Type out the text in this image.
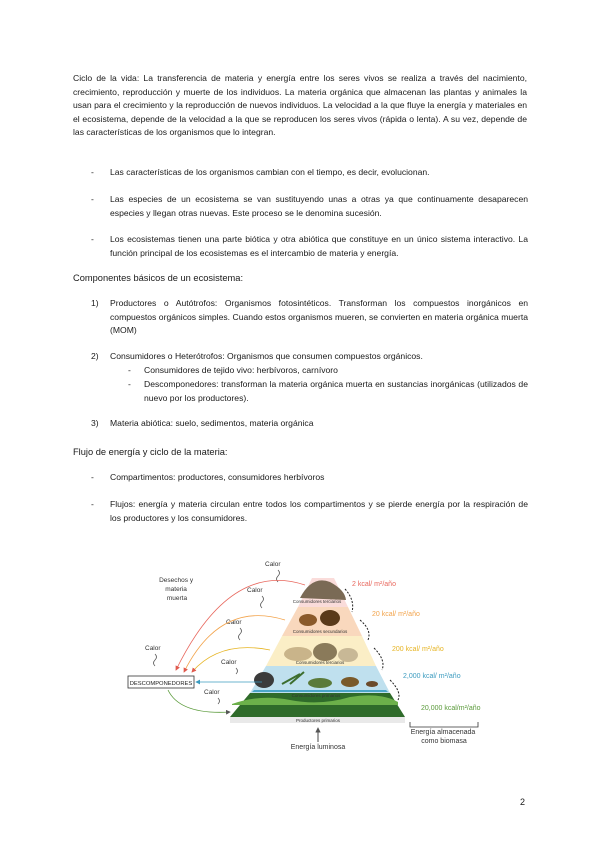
Ciclo de la vida: La transferencia de materia y energía entre los seres vivos se realiza a través del nacimiento, crecimiento, reproducción y muerte de los individuos. La materia orgánica que almacenan las plantas y animales la usan para el crecimiento y la reproducción de nuevos individuos. La velocidad a la que fluye la energía y materiales en el ecosistema, depende de la velocidad a la que se reproducen los seres vivos (rápida o lenta). A su vez, depende de las características de los organismos que lo integran.

- Las características de los organismos cambian con el tiempo, es decir, evolucionan.
- Las especies de un ecosistema se van sustituyendo unas a otras ya que continuamente desaparecen especies y llegan otras nuevas. Este proceso se le denomina sucesión.
- Los ecosistemas tienen una parte biótica y otra abiótica que constituye en un único sistema interactivo. La función principal de los ecosistemas es el intercambio de materia y energía.

Componentes básicos de un ecosistema:

1) Productores o Autótrofos: Organismos fotosintéticos. Transforman los compuestos inorgánicos en compuestos orgánicos simples. Cuando estos organismos mueren, se convierten en materia orgánica muerta (MOM)
2) Consumidores o Heterótrofos: Organismos que consumen compuestos orgánicos.
- Consumidores de tejido vivo: herbívoros, carnívoro
- Descomponedores: transforman la materia orgánica muerta en sustancias inorgánicas (utilizados de nuevo por los productores).
3) Materia abiótica: suelo, sedimentos, materia orgánica

Flujo de energía y ciclo de la materia:

- Compartimentos: productores, consumidores herbívoros
- Flujos: energía y materia circulan entre todos los compartimentos y se pierde energía por la respiración de los productores y los consumidores.
Consumidores terciarios
Consumidores secundarios
Consumidores terciarios
Consumidores primarios
Productores primarios
2 kcal/ m²/año
20 kcal/ m²/año
200 kcal/ m²/año
2,000 kcal/ m²/año
20,000 kcal/m²/año
Calor
Calor
Calor
Calor
Calor
Calor
Desechos y materia muerta
DESCOMPONEDORES
Energía luminosa
Energía almacenada como biomasa
2
